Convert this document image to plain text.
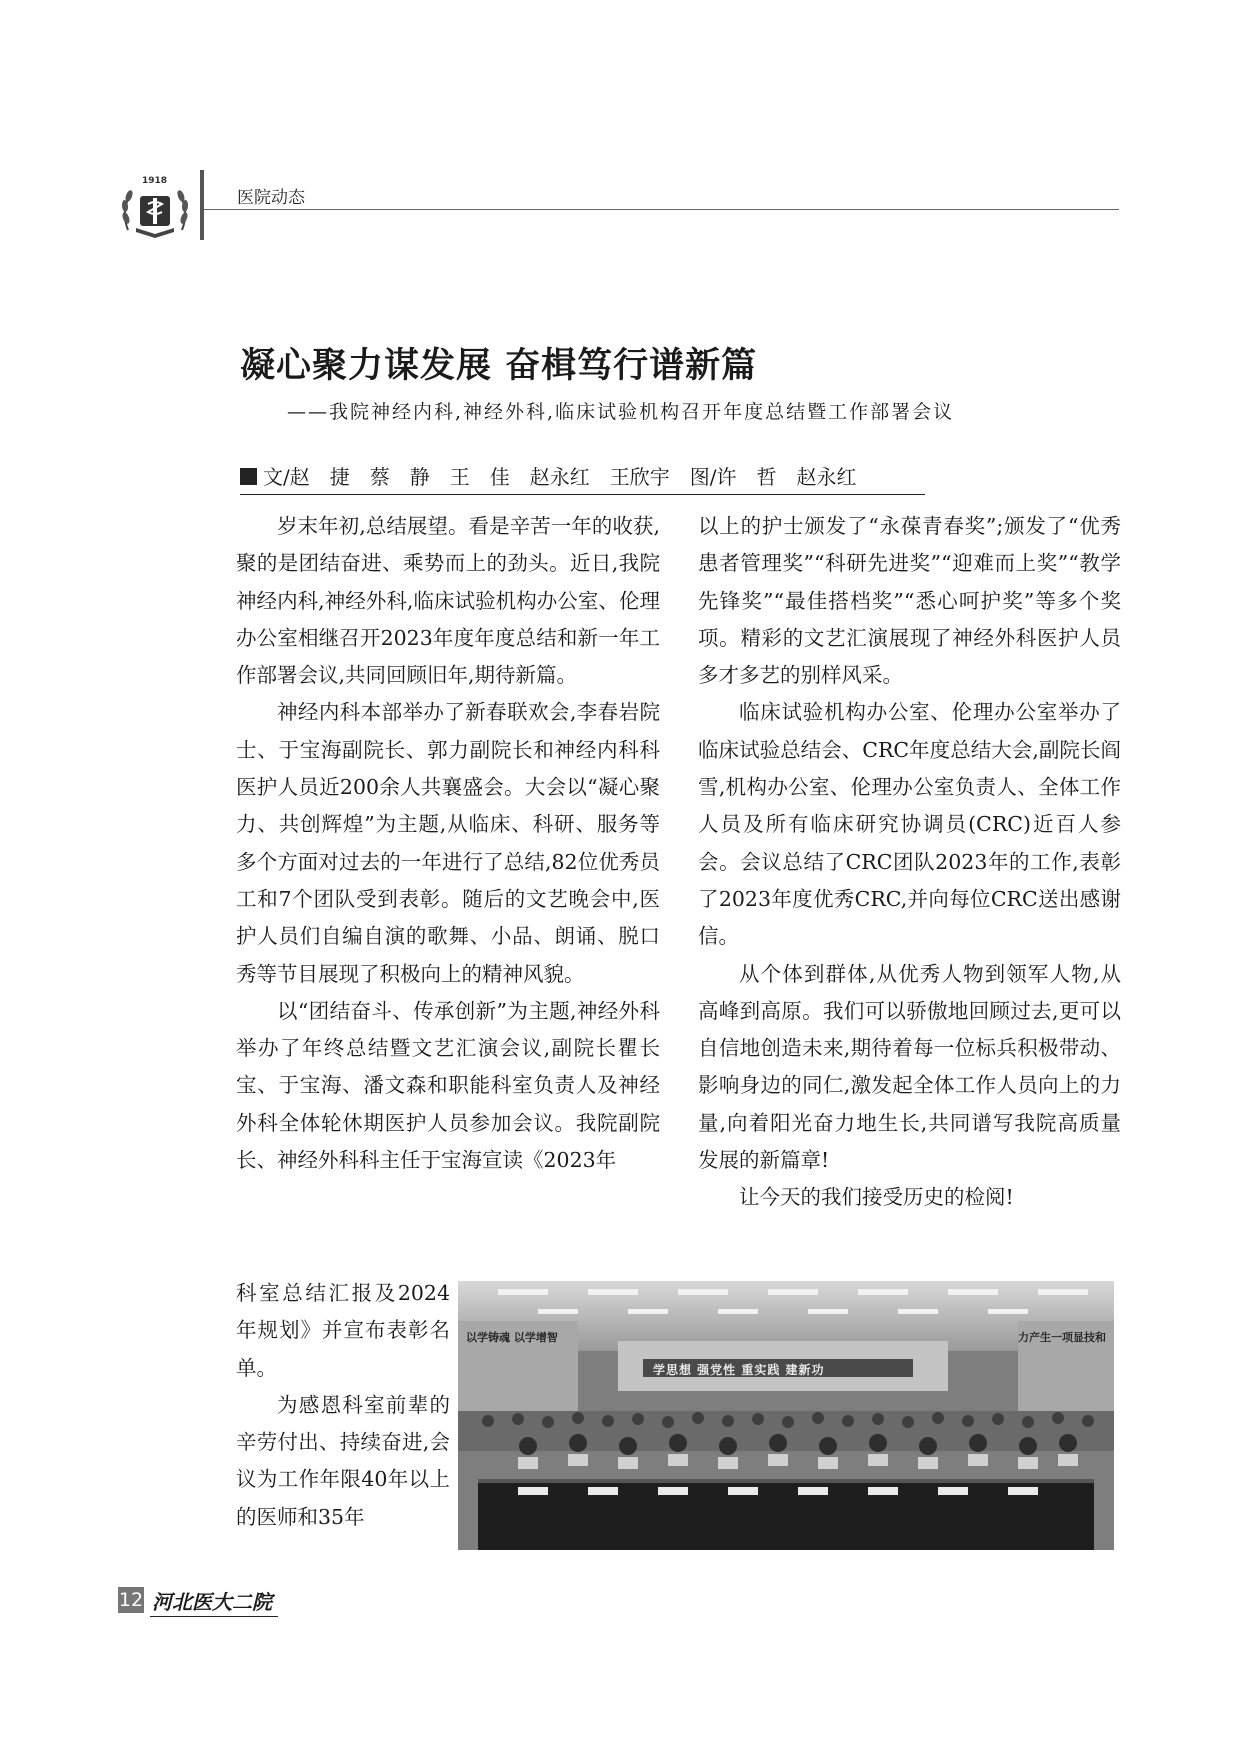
1918
医院动态
凝心聚力谋发展 奋楫笃行谱新篇
——我院神经内科,神经外科,临床试验机构召开年度总结暨工作部署会议
文/赵　捷　蔡　静　王　佳　赵永红　王欣宇　图/许　哲　赵永红

岁末年初,总结展望。看是辛苦一年的收获,聚的是团结奋进、乘势而上的劲头。近日,我院神经内科,神经外科,临床试验机构办公室、伦理办公室相继召开2023年度年度总结和新一年工作部署会议,共同回顾旧年,期待新篇。

神经内科本部举办了新春联欢会,李春岩院士、于宝海副院长、郭力副院长和神经内科科医护人员近200余人共襄盛会。大会以“凝心聚力、共创辉煌”为主题,从临床、科研、服务等多个方面对过去的一年进行了总结,82位优秀员工和7个团队受到表彰。随后的文艺晚会中,医护人员们自编自演的歌舞、小品、朗诵、脱口秀等节目展现了积极向上的精神风貌。

以“团结奋斗、传承创新”为主题,神经外科举办了年终总结暨文艺汇演会议,副院长瞿长宝、于宝海、潘文森和职能科室负责人及神经外科全体轮休期医护人员参加会议。我院副院长、神经外科科主任于宝海宣读《2023年

科室总结汇报及2024年规划》并宣布表彰名单。

为感恩科室前辈的辛劳付出、持续奋进,会议为工作年限40年以上的医师和35年

以上的护士颁发了“永葆青春奖”;颁发了“优秀患者管理奖”“科研先进奖”“迎难而上奖”“教学先锋奖”“最佳搭档奖”“悉心呵护奖”等多个奖项。精彩的文艺汇演展现了神经外科医护人员多才多艺的别样风采。

临床试验机构办公室、伦理办公室举办了临床试验总结会、CRC年度总结大会,副院长阎雪,机构办公室、伦理办公室负责人、全体工作人员及所有临床研究协调员(CRC)近百人参会。会议总结了CRC团队2023年的工作,表彰了2023年度优秀CRC,并向每位CRC送出感谢信。

从个体到群体,从优秀人物到领军人物,从高峰到高原。我们可以骄傲地回顾过去,更可以自信地创造未来,期待着每一位标兵积极带动、影响身边的同仁,激发起全体工作人员向上的力量,向着阳光奋力地生长,共同谱写我院高质量发展的新篇章!

让今天的我们接受历史的检阅!

以学铸魂 以学增智
学思想 强党性 重实践 建新功
力产生一项显技和
12 河北医大二院
